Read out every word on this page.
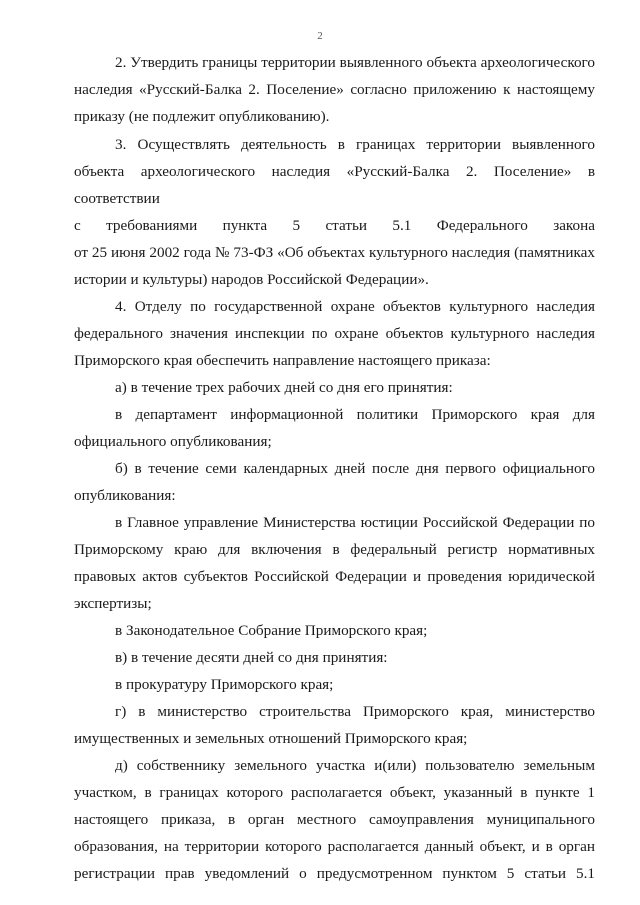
2
2. Утвердить границы территории выявленного объекта археологического
наследия «Русский-Балка 2. Поселение» согласно приложению к настоящему
приказу (не подлежит опубликованию).
3. Осуществлять деятельность в границах территории выявленного
объекта археологического наследия «Русский-Балка 2. Поселение» в
соответствии
с требованиями пункта 5 статьи 5.1 Федерального закона
от 25 июня 2002 года № 73-ФЗ «Об объектах культурного наследия (памятниках
истории и культуры) народов Российской Федерации».
4. Отделу по государственной охране объектов культурного наследия
федерального значения инспекции по охране объектов культурного наследия
Приморского края обеспечить направление настоящего приказа:
а) в течение трех рабочих дней со дня его принятия:
в департамент информационной политики Приморского края для
официального опубликования;
б) в течение семи календарных дней после дня первого официального
опубликования:
в Главное управление Министерства юстиции Российской Федерации по
Приморскому краю для включения в федеральный регистр нормативных
правовых актов субъектов Российской Федерации и проведения юридической
экспертизы;
в Законодательное Собрание Приморского края;
в) в течение десяти дней со дня принятия:
в прокуратуру Приморского края;
г) в министерство строительства Приморского края, министерство
имущественных и земельных отношений Приморского края;
д) собственнику земельного участка и(или) пользователю земельным
участком, в границах которого располагается объект, указанный в пункте 1
настоящего приказа, в орган местного самоуправления муниципального
образования, на территории которого располагается данный объект, и в орган
регистрации прав уведомлений о предусмотренном пунктом 5 статьи 5.1
